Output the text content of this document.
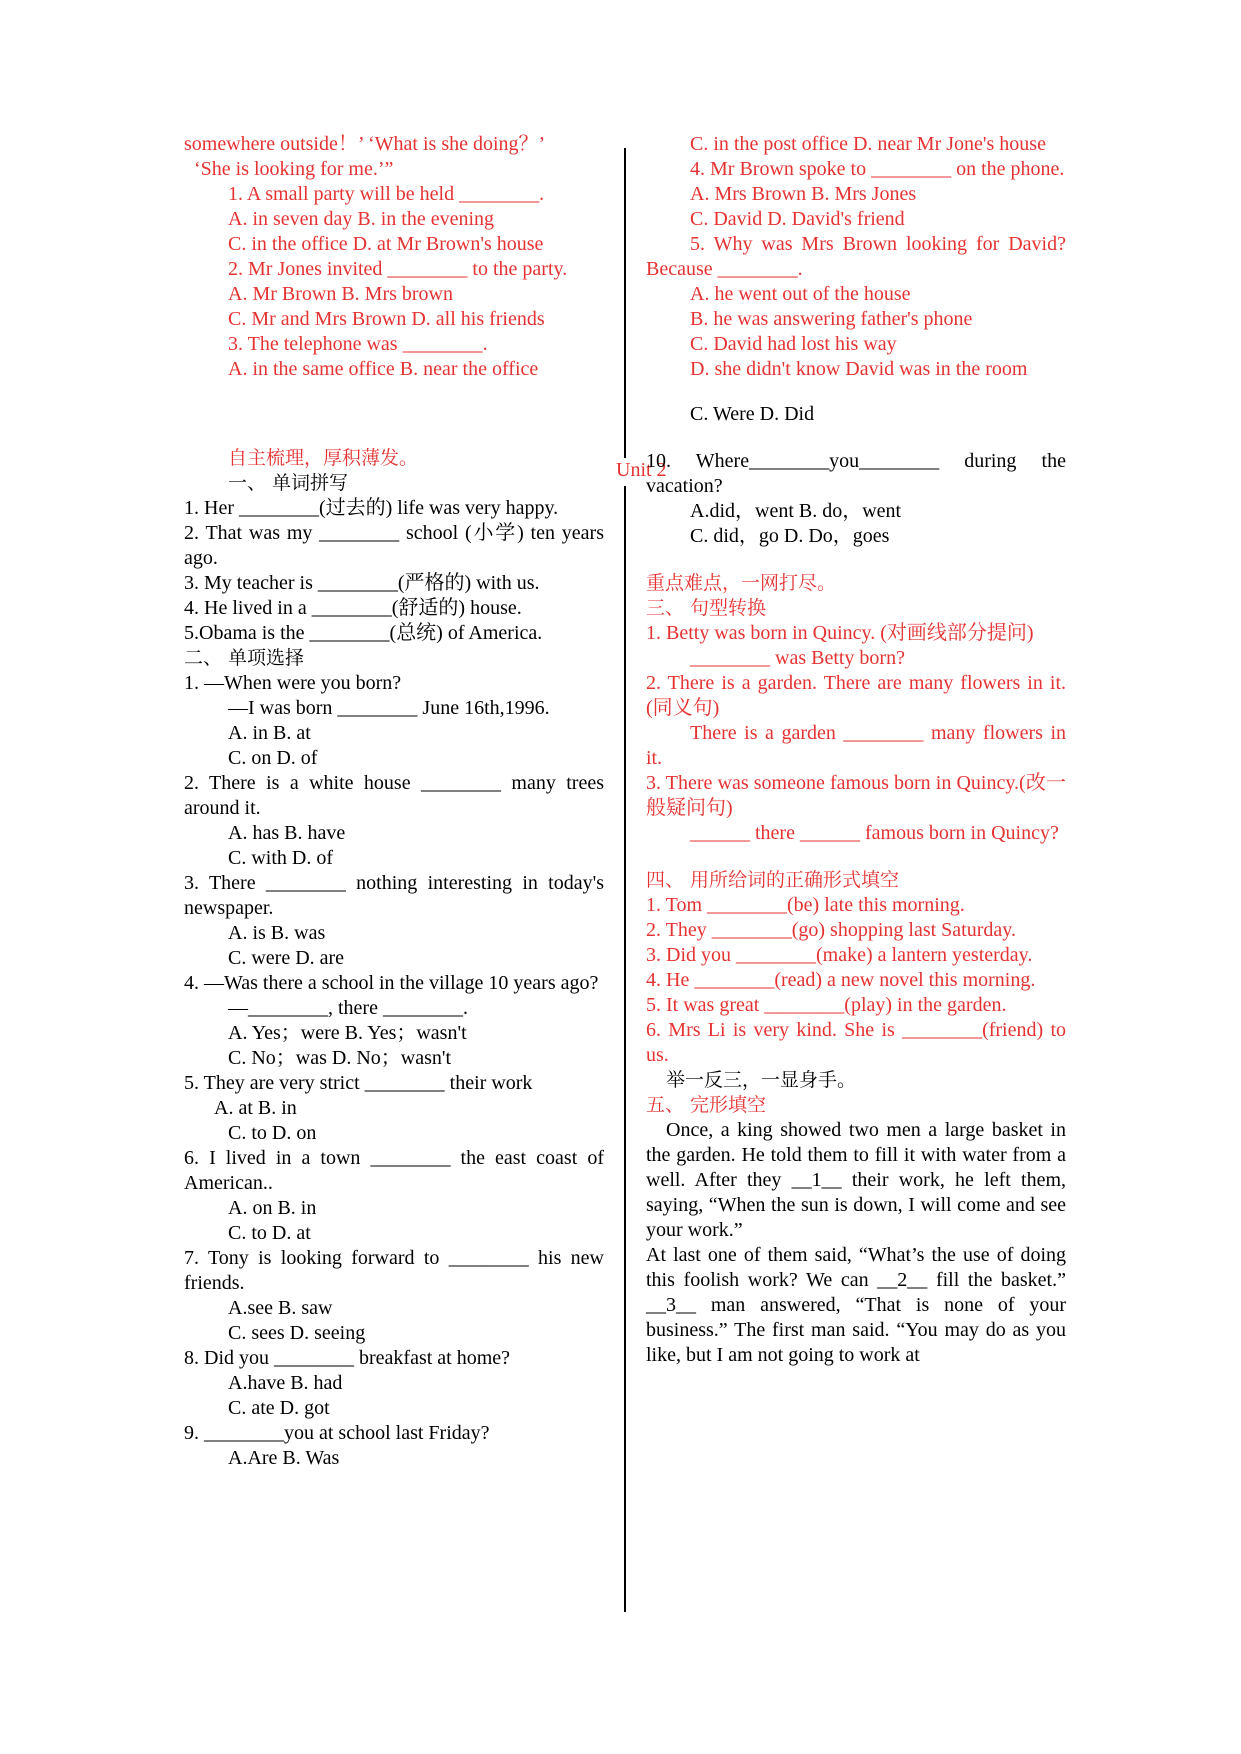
Unit 2
somewhere outside！’ ‘What is she doing？’
‘She is looking for me.’”
1. A small party will be held ________.
A. in seven day B. in the evening
C. in the office D. at Mr Brown's house
2. Mr Jones invited ________ to the party.
A. Mr Brown B. Mrs brown
C. Mr and Mrs Brown D. all his friends
3. The telephone was ________.
A. in the same office B. near the office
自主梳理，厚积薄发。
一、 单词拼写
1. Her ________(过去的) life was very happy.
2. That was my ________ school (小学) ten years ago.
3. My teacher is ________(严格的) with us.
4. He lived in a ________(舒适的) house.
5.Obama is the ________(总统) of America.
二、 单项选择
1. —When were you born?
—I was born ________ June 16th,1996.
A. in B. at
C. on D. of
2. There is a white house ________ many trees around it.
A. has B. have
C. with D. of
3. There ________ nothing interesting in today's newspaper.
A. is B. was
C. were D. are
4. —Was there a school in the village 10 years ago?
—________, there ________.
A. Yes；were B. Yes；wasn't
C. No；was D. No；wasn't
5. They are very strict ________ their work
A. at B. in
C. to D. on
6. I lived in a town ________ the east coast of American..
A. on B. in
C. to D. at
7. Tony is looking forward to ________ his new friends.
A.see B. saw
C. sees D. seeing
8. Did you ________ breakfast at home?
A.have B. had
C. ate D. got
9. ________you at school last Friday?
A.Are B. Was
C. in the post office D. near Mr Jone's house
4. Mr Brown spoke to ________ on the phone.
A. Mrs Brown B. Mrs Jones
C. David D. David's friend
5. Why was Mrs Brown looking for David? Because ________.
A. he went out of the house
B. he was answering father's phone
C. David had lost his way
D. she didn't know David was in the room
C. Were D. Did
10. Where________you________ during the vacation?
A.did，went B. do，went
C. did，go D. Do，goes
重点难点，一网打尽。
三、 句型转换
1. Betty was born in Quincy. (对画线部分提问)
________ was Betty born?
2. There is a garden. There are many flowers in it. (同义句)
There is a garden ________ many flowers in it.
3. There was someone famous born in Quincy.(改一般疑问句)
______ there ______ famous born in Quincy?
四、 用所给词的正确形式填空
1. Tom ________(be) late this morning.
2. They ________(go) shopping last Saturday.
3. Did you ________(make) a lantern yesterday.
4. He ________(read) a new novel this morning.
5. It was great ________(play) in the garden.
6. Mrs Li is very kind. She is ________(friend) to us.
举一反三，一显身手。
五、 完形填空
Once, a king showed two men a large basket in the garden. He told them to fill it with water from a well. After they __1__ their work, he left them, saying, “When the sun is down, I will come and see your work.”
At last one of them said, “What’s the use of doing this foolish work? We can __2__ fill the basket.” __3__ man answered, “That is none of your business.” The first man said. “You may do as you like, but I am not going to work at
